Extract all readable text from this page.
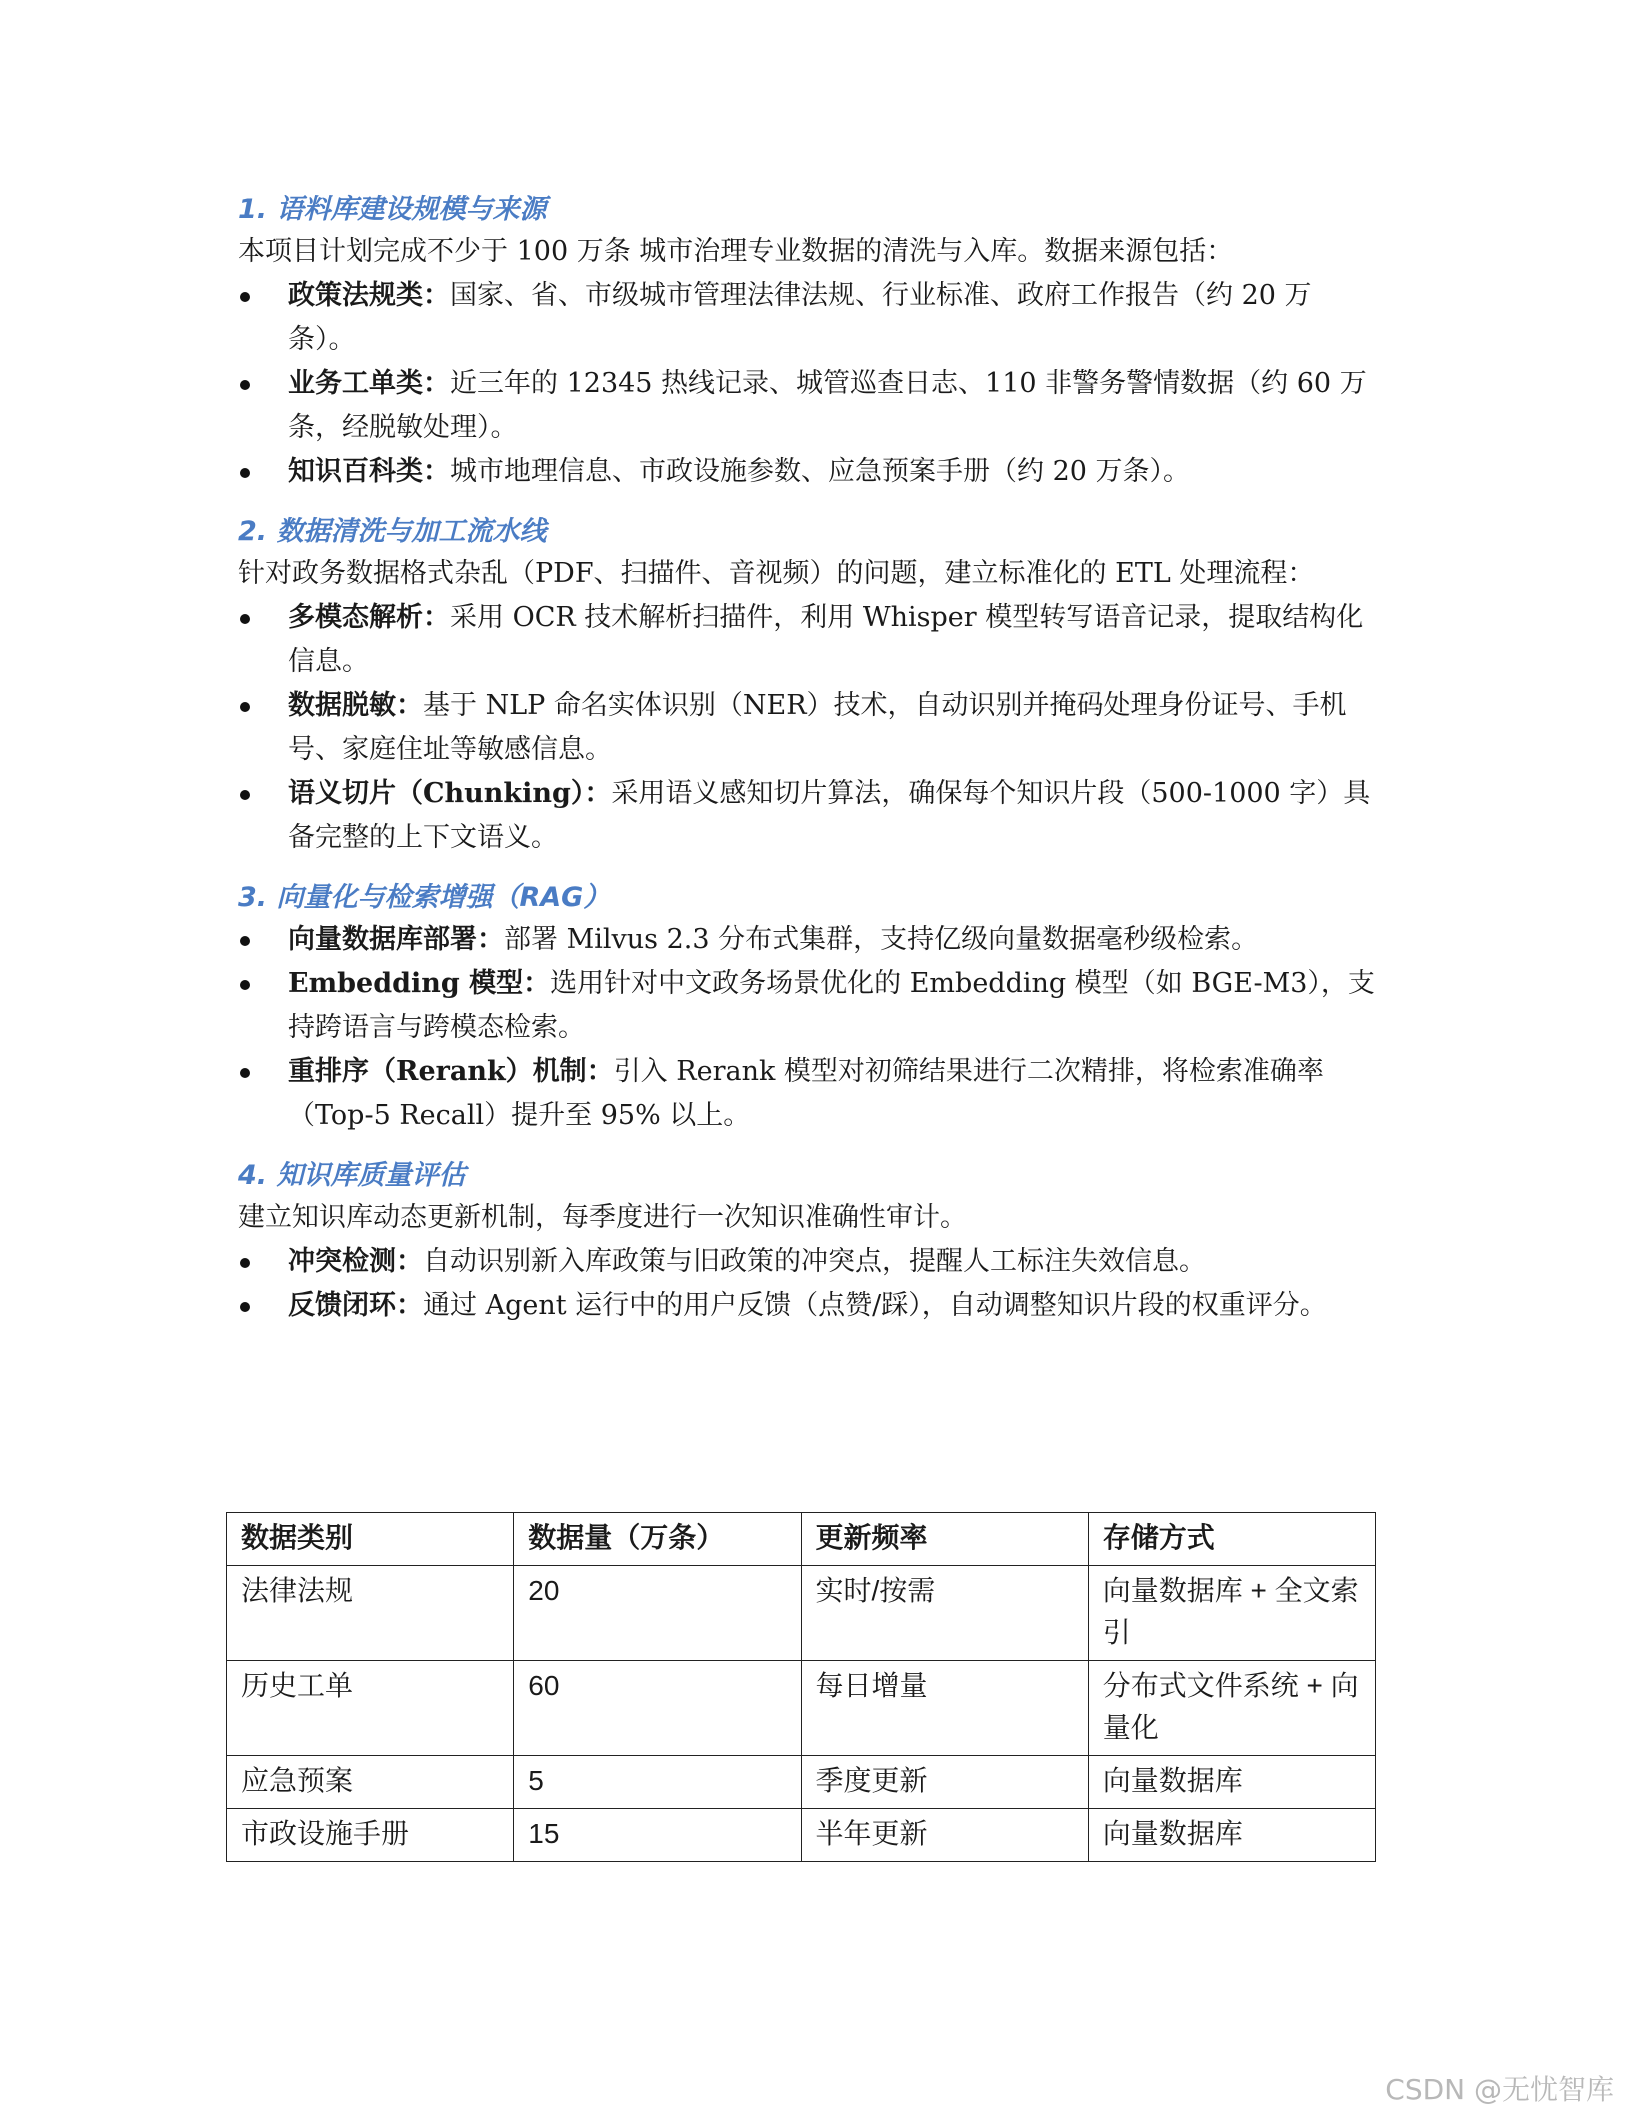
1. 语料库建设规模与来源

本项目计划完成不少于 100 万条 城市治理专业数据的清洗与入库。数据来源包括：

政策法规类：国家、省、市级城市管理法律法规、行业标准、政府工作报告（约 20 万条）。
业务工单类：近三年的 12345 热线记录、城管巡查日志、110 非警务警情数据（约 60 万条，经脱敏处理）。
知识百科类：城市地理信息、市政设施参数、应急预案手册（约 20 万条）。
2. 数据清洗与加工流水线

针对政务数据格式杂乱（PDF、扫描件、音视频）的问题，建立标准化的 ETL 处理流程：

多模态解析：采用 OCR 技术解析扫描件，利用 Whisper 模型转写语音记录，提取结构化信息。
数据脱敏：基于 NLP 命名实体识别（NER）技术，自动识别并掩码处理身份证号、手机号、家庭住址等敏感信息。
语义切片（Chunking）：采用语义感知切片算法，确保每个知识片段（500-1000 字）具备完整的上下文语义。
3. 向量化与检索增强（RAG）
向量数据库部署：部署 Milvus 2.3 分布式集群，支持亿级向量数据毫秒级检索。
Embedding 模型：选用针对中文政务场景优化的 Embedding 模型（如 BGE-M3），支持跨语言与跨模态检索。
重排序（Rerank）机制：引入 Rerank 模型对初筛结果进行二次精排，将检索准确率（Top-5 Recall）提升至 95% 以上。
4. 知识库质量评估

建立知识库动态更新机制，每季度进行一次知识准确性审计。

冲突检测：自动识别新入库政策与旧政策的冲突点，提醒人工标注失效信息。
反馈闭环：通过 Agent 运行中的用户反馈（点赞/踩），自动调整知识片段的权重评分。
数据类别	数据量（万条）	更新频率	存储方式
法律法规	20	实时/按需	向量数据库 + 全文索引
历史工单	60	每日增量	分布式文件系统 + 向量化
应急预案	5	季度更新	向量数据库
市政设施手册	15	半年更新	向量数据库
CSDN @无忧智库
